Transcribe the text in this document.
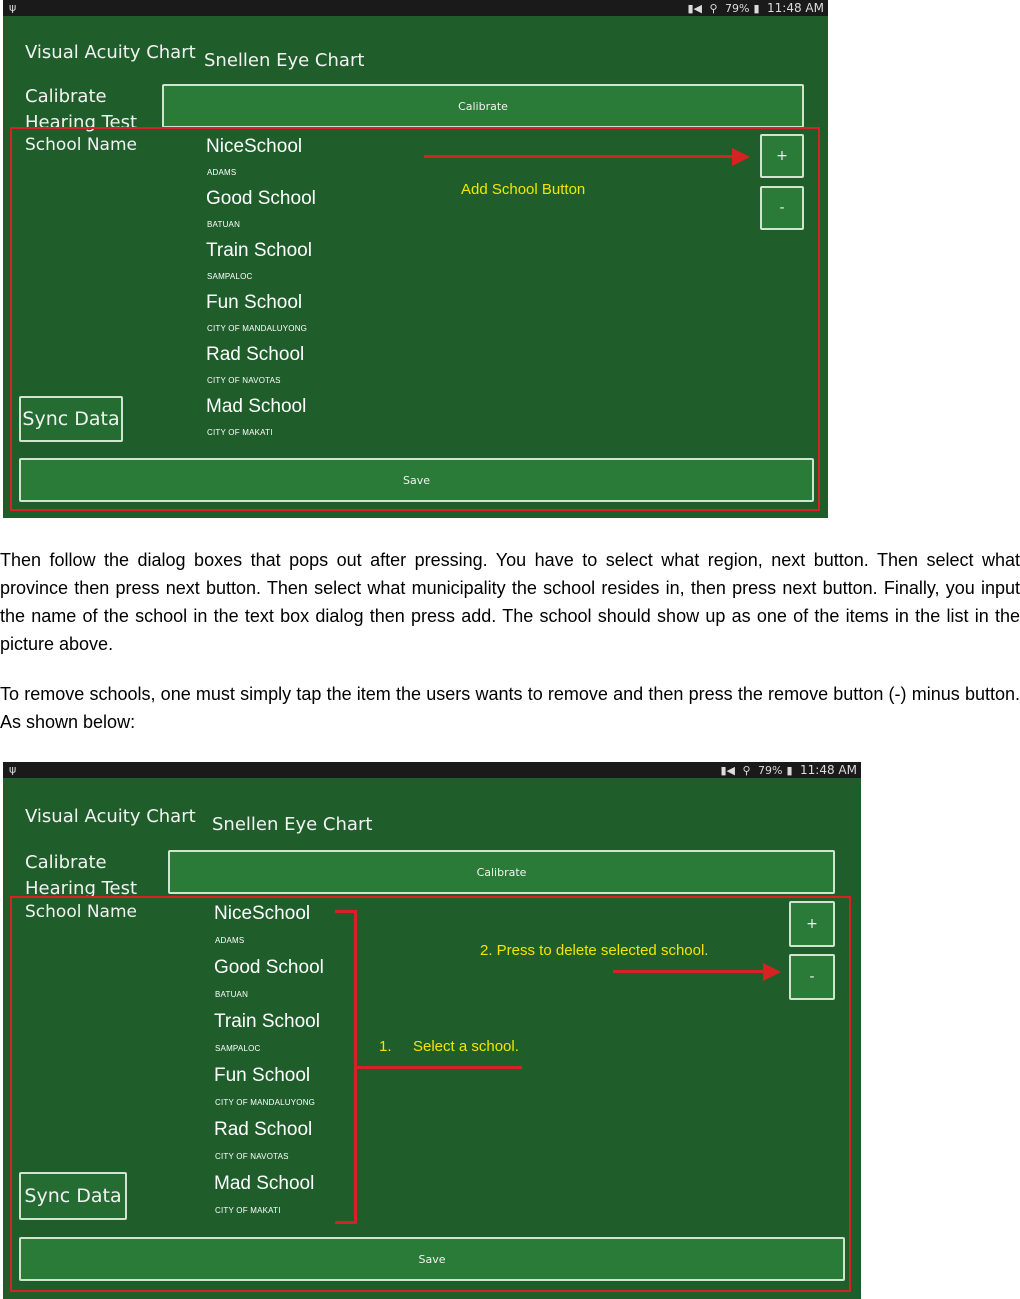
ψ	▮◀ ⚲ 79% ▮ 11:48 AM
Visual Acuity Chart Snellen Eye Chart
Calibrate Hearing Test
Calibrate
School Name	NiceSchool
ADAMS
Good School
BATUAN
Train School
SAMPALOC
Fun School
CITY OF MANDALUYONG
Rad School
CITY OF NAVOTAS
Mad School
CITY OF MAKATI
+
-
Sync Data
Save
Add School Button

Then follow the dialog boxes that pops out after pressing. You have to select what region, next button. Then select what province then press next button. Then select what municipality the school resides in, then press next button. Finally, you input the name of the school in the text box dialog then press add. The school should show up as one of the items in the list in the picture above.

To remove schools, one must simply tap the item the users wants to remove and then press the remove button (-) minus button. As shown below:

ψ	▮◀ ⚲ 79% ▮ 11:48 AM
Visual Acuity Chart Snellen Eye Chart
Calibrate Hearing Test
Calibrate
School Name	NiceSchool
ADAMS
Good School
BATUAN
Train School
SAMPALOC
Fun School
CITY OF MANDALUYONG
Rad School
CITY OF NAVOTAS
Mad School
CITY OF MAKATI
+
-
Sync Data
Save
1. Select a school.
2. Press to delete selected school.
